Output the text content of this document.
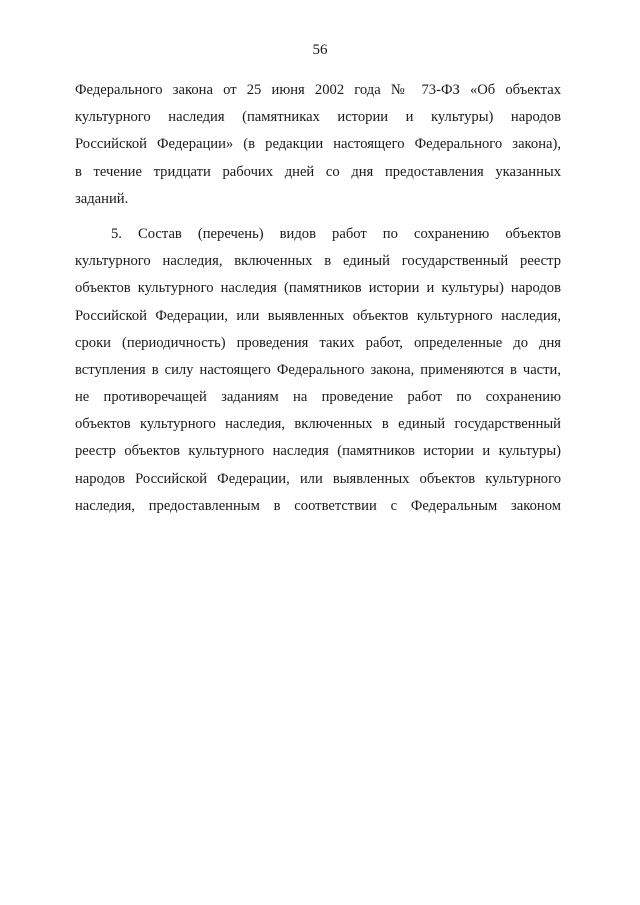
56

Федерального закона от 25 июня 2002 года № 73-ФЗ «Об объектах
культурного наследия (памятниках истории и культуры) народов
Российской Федерации» (в редакции настоящего Федерального закона),
в течение тридцати рабочих дней со дня предоставления указанных
заданий.

5. Состав (перечень) видов работ по сохранению объектов
культурного наследия, включенных в единый государственный реестр
объектов культурного наследия (памятников истории и культуры) народов
Российской Федерации, или выявленных объектов культурного наследия,
сроки (периодичность) проведения таких работ, определенные до дня
вступления в силу настоящего Федерального закона, применяются в части,
не противоречащей заданиям на проведение работ по сохранению
объектов культурного наследия, включенных в единый государственный
реестр объектов культурного наследия (памятников истории и культуры)
народов Российской Федерации, или выявленных объектов культурного
наследия, предоставленным в соответствии с Федеральным законом
